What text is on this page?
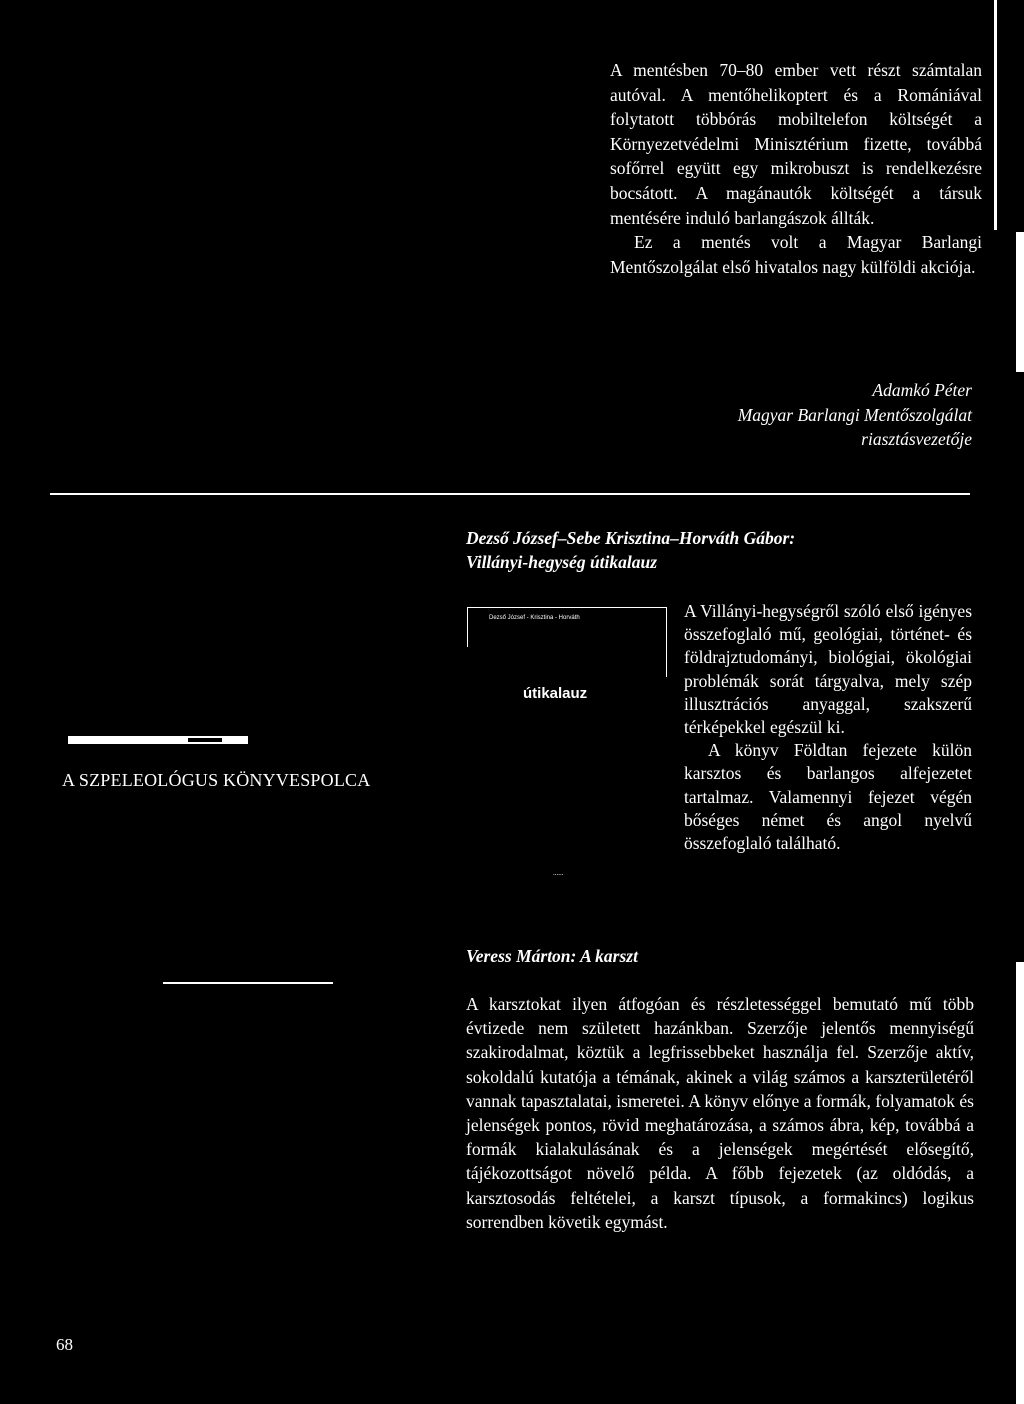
A mentésben 70–80 ember vett részt számtalan autóval. A mentőhelikoptert és a Romániával folytatott többórás mobiltelefon költségét a Környezetvédelmi Minisztérium fizette, továbbá sofőrrel együtt egy mikrobuszt is rendelkezésre bocsátott. A magánautók költségét a társuk mentésére induló barlangászok állták.

Ez a mentés volt a Magyar Barlangi Mentőszolgálat első hivatalos nagy külföldi akciója.

Adamkó Péter
Magyar Barlangi Mentőszolgálat
riasztásvezetője
Dezső József–Sebe Krisztina–Horváth Gábor:
Villányi-hegység útikalauz
A SZPELEOLÓGUS KÖNYVESPOLCA
Dezső József - Krisztina - Horváth
útikalauz
......

A Villányi-hegységről szóló első igényes összefoglaló mű, geológiai, történet- és földrajztudományi, biológiai, ökológiai problémák sorát tárgyalva, mely szép illusztrációs anyaggal, szakszerű térképekkel egészül ki.

A könyv Földtan fejezete külön karsztos és barlangos alfejezetet tartalmaz. Valamennyi fejezet végén bőséges német és angol nyelvű összefoglaló található.

Veress Márton: A karszt

A karsztokat ilyen átfogóan és részletességgel bemutató mű több évtizede nem született hazánkban. Szerzője jelentős mennyiségű szakirodalmat, köztük a legfrissebbeket használja fel. Szerzője aktív, sokoldalú kutatója a témának, akinek a világ számos a karszterületéről vannak tapasztalatai, ismeretei. A könyv előnye a formák, folyamatok és jelenségek pontos, rövid meghatározása, a számos ábra, kép, továbbá a formák kialakulásának és a jelenségek megértését elősegítő, tájékozottságot növelő példa. A főbb fejezetek (az oldódás, a karsztosodás feltételei, a karszt típusok, a formakincs) logikus sorrendben követik egymást.

68
